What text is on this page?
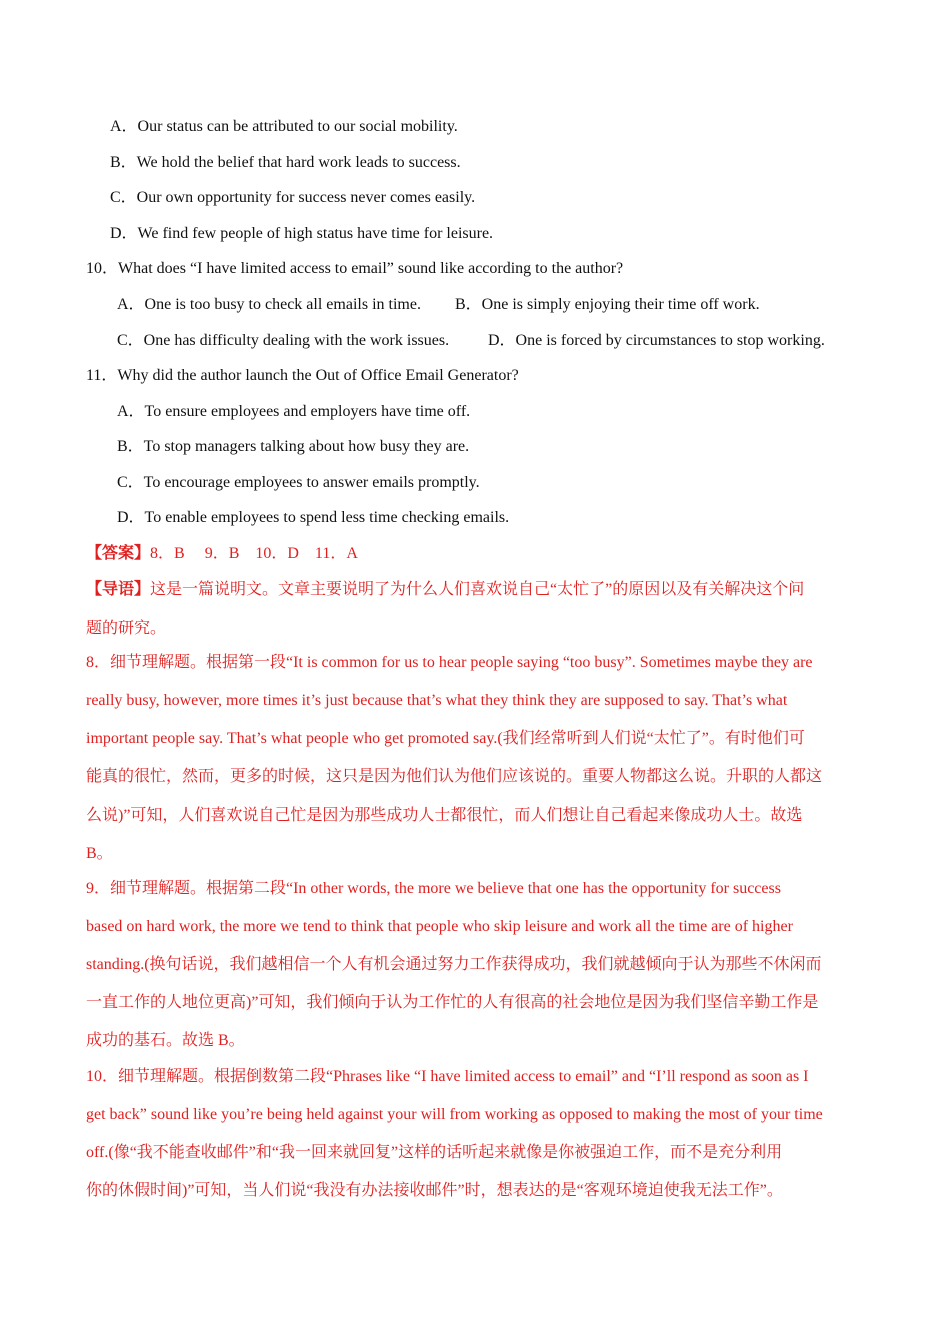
A．Our status can be attributed to our social mobility.
B．We hold the belief that hard work leads to success.
C．Our own opportunity for success never comes easily.
D．We find few people of high status have time for leisure.
10．What does “I have limited access to email” sound like according to the author?
A．One is too busy to check all emails in time. B．One is simply enjoying their time off work.
C．One has difficulty dealing with the work issues. D．One is forced by circumstances to stop working.
11．Why did the author launch the Out of Office Email Generator?
A．To ensure employees and employers have time off.
B．To stop managers talking about how busy they are.
C．To encourage employees to answer emails promptly.
D．To enable employees to spend less time checking emails.
【答案】8．B　 9．B　10．D　11．A
【导语】这是一篇说明文。文章主要说明了为什么人们喜欢说自己“太忙了”的原因以及有关解决这个问
题的研究。
8．细节理解题。根据第一段“It is common for us to hear people saying “too busy”. Sometimes maybe they are
really busy, however, more times it’s just because that’s what they think they are supposed to say. That’s what
important people say. That’s what people who get promoted say.(我们经常听到人们说“太忙了”。有时他们可
能真的很忙，然而，更多的时候，这只是因为他们认为他们应该说的。重要人物都这么说。升职的人都这
么说)”可知，人们喜欢说自己忙是因为那些成功人士都很忙，而人们想让自己看起来像成功人士。故选
B。
9．细节理解题。根据第二段“In other words, the more we believe that one has the opportunity for success
based on hard work, the more we tend to think that people who skip leisure and work all the time are of higher
standing.(换句话说，我们越相信一个人有机会通过努力工作获得成功，我们就越倾向于认为那些不休闲而
一直工作的人地位更高)”可知，我们倾向于认为工作忙的人有很高的社会地位是因为我们坚信辛勤工作是
成功的基石。故选 B。
10．细节理解题。根据倒数第二段“Phrases like “I have limited access to email” and “I’ll respond as soon as I
get back” sound like you’re being held against your will from working as opposed to making the most of your time
off.(像“我不能查收邮件”和“我一回来就回复”这样的话听起来就像是你被强迫工作，而不是充分利用
你的休假时间)”可知，当人们说“我没有办法接收邮件”时，想表达的是“客观环境迫使我无法工作”。
